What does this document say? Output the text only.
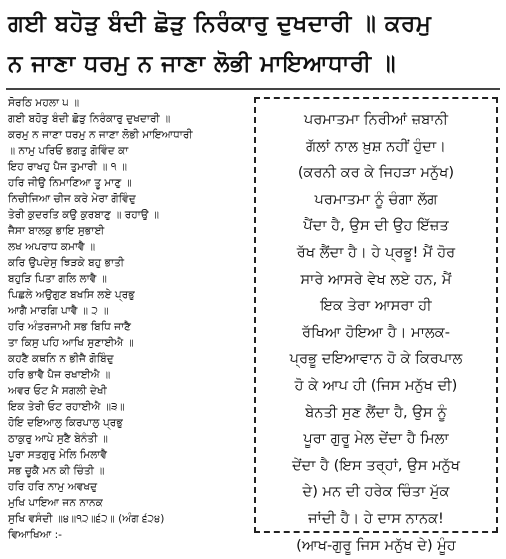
ਗਈ ਬਹੋੜੁ ਬੰਦੀ ਛੋੜੁ ਨਿਰੰਕਾਰੁ ਦੁਖਦਾਰੀ ॥ ਕਰਮੁ
ਨ ਜਾਣਾ ਧਰਮੁ ਨ ਜਾਣਾ ਲੋਭੀ ਮਾਇਆਧਾਰੀ ॥
ਸੋਰਠਿ ਮਹਲਾ ੫ ॥
ਗਈ ਬਹੋੜੁ ਬੰਦੀ ਛੋੜੁ ਨਿਰੰਕਾਰੁ ਦੁਖਦਾਰੀ ॥
ਕਰਮੁ ਨ ਜਾਣਾ ਧਰਮੁ ਨ ਜਾਣਾ ਲੋਭੀ ਮਾਇਆਧਾਰੀ
॥ ਨਾਮੁ ਪਰਿਓ ਭਗਤੁ ਗੋਵਿੰਦ ਕਾ
ਇਹ ਰਾਖਹੁ ਪੈਜ ਤੁਮਾਰੀ ॥ ੧ ॥
ਹਰਿ ਜੀਉ ਨਿਮਾਣਿਆ ਤੂ ਮਾਣੁ ॥
ਨਿਚੀਜਿਆ ਚੀਜ ਕਰੇ ਮੇਰਾ ਗੋਵਿੰਦੁ
ਤੇਰੀ ਕੁਦਰਤਿ ਕਉ ਕੁਰਬਾਣੁ ॥ ਰਹਾਉ ॥
ਜੈਸਾ ਬਾਲਕੁ ਭਾਇ ਸੁਭਾਈ
ਲਖ ਅਪਰਾਧ ਕਮਾਵੈ ॥
ਕਰਿ ਉਪਦੇਸੁ ਝਿੜਕੇ ਬਹੁ ਭਾਤੀ
ਬਹੁੜਿ ਪਿਤਾ ਗਲਿ ਲਾਵੈ ॥
ਪਿਛਲੇ ਅਉਗੁਣ ਬਖਸਿ ਲਏ ਪ੍ਰਭੁ
ਆਗੈ ਮਾਰਗਿ ਪਾਵੈ ॥ ੨ ॥
ਹਰਿ ਅੰਤਰਜਾਮੀ ਸਭ ਬਿਧਿ ਜਾਣੈ
ਤਾ ਕਿਸੁ ਪਹਿ ਆਖਿ ਸੁਣਾਈਐ ॥
ਕਹਣੈ ਕਥਨਿ ਨ ਭੀਜੈ ਗੋਬਿੰਦੁ
ਹਰਿ ਭਾਵੈ ਪੈਜ ਰਖਾਈਐ ॥
ਅਵਰ ਓਟ ਮੈ ਸਗਲੀ ਦੇਖੀ
ਇਕ ਤੇਰੀ ਓਟ ਰਹਾਈਐ ॥੩॥
ਹੋਇ ਦਇਆਲੁ ਕਿਰਪਾਲੁ ਪ੍ਰਭੁ
ਠਾਕੁਰੁ ਆਪੇ ਸੁਣੈ ਬੇਨੰਤੀ ॥
ਪੂਰਾ ਸਤਗੁਰੁ ਮੇਲਿ ਮਿਲਾਵੈ
ਸਭ ਚੂਕੈ ਮਨ ਕੀ ਚਿੰਤੀ ॥
ਹਰਿ ਹਰਿ ਨਾਮੁ ਅਵਖਦੁ
ਮੁਖਿ ਪਾਇਆ ਜਨ ਨਾਨਕ
ਸੁਖਿ ਵਸੰਦੀ ॥੪॥੧੨॥੬੨॥ (ਅੰਗ ੬੨੪)
ਵਿਆਖਿਆ :-
ਪਰਮਾਤਮਾ ਨਿਰੀਆਂ ਜ਼ਬਾਨੀ
ਗੱਲਾਂ ਨਾਲ ਖ਼ੁਸ਼ ਨਹੀਂ ਹੁੰਦਾ।
(ਕਰਨੀ ਕਰ ਕੇ ਜਿਹੜਾ ਮਨੁੱਖ)
ਪਰਮਾਤਮਾ ਨੂੰ ਚੰਗਾ ਲੱਗ
ਪੈਂਦਾ ਹੈ, ਉਸ ਦੀ ਉਹ ਇੱਜ਼ਤ
ਰੱਖ ਲੈਂਦਾ ਹੈ। ਹੇ ਪ੍ਰਭੂ! ਮੈਂ ਹੋਰ
ਸਾਰੇ ਆਸਰੇ ਵੇਖ ਲਏ ਹਨ, ਮੈਂ
ਇਕ ਤੇਰਾ ਆਸਰਾ ਹੀ
ਰੱਖਿਆ ਹੋਇਆ ਹੈ। ਮਾਲਕ-
ਪ੍ਰਭੂ ਦਇਆਵਾਨ ਹੋ ਕੇ ਕਿਰਪਾਲ
ਹੋ ਕੇ ਆਪ ਹੀ (ਜਿਸ ਮਨੁੱਖ ਦੀ)
ਬੇਨਤੀ ਸੁਣ ਲੈਂਦਾ ਹੈ, ਉਸ ਨੂੰ
ਪੂਰਾ ਗੁਰੂ ਮੇਲ ਦੇਂਦਾ ਹੈ ਮਿਲਾ
ਦੇਂਦਾ ਹੈ (ਇਸ ਤਰ੍ਹਾਂ, ਉਸ ਮਨੁੱਖ
ਦੇ) ਮਨ ਦੀ ਹਰੇਕ ਚਿੰਤਾ ਮੁੱਕ
ਜਾਂਦੀ ਹੈ। ਹੇ ਦਾਸ ਨਾਨਕ!
(ਆਖ-ਗੁਰੂ ਜਿਸ ਮਨੁੱਖ ਦੇ) ਮੂੰਹ
